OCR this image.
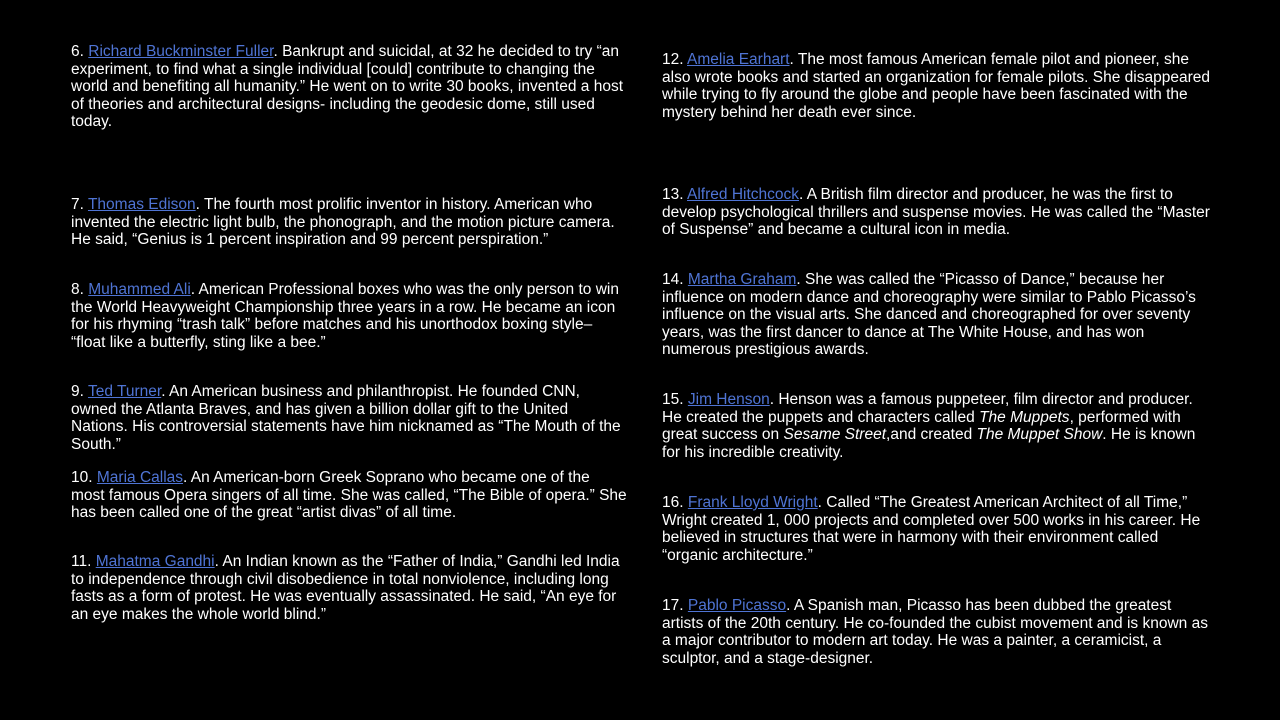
6. Richard Buckminster Fuller. Bankrupt and suicidal, at 32 he decided to try “an experiment, to find what a single individual [could] contribute to changing the world and benefiting all humanity.” He went on to write 30 books, invented a host of theories and architectural designs- including the geodesic dome, still used today.

7. Thomas Edison. The fourth most prolific inventor in history. American who invented the electric light bulb, the phonograph, and the motion picture camera. He said, “Genius is 1 percent inspiration and 99 percent perspiration.”

8. Muhammed Ali. American Professional boxes who was the only person to win the World Heavyweight Championship three years in a row. He became an icon for his rhyming “trash talk” before matches and his unorthodox boxing style– “float like a butterfly, sting like a bee.”

9. Ted Turner. An American business and philanthropist. He founded CNN, owned the Atlanta Braves, and has given a billion dollar gift to the United Nations. His controversial statements have him nicknamed as “The Mouth of the South.”

10. Maria Callas. An American-born Greek Soprano who became one of the most famous Opera singers of all time. She was called, “The Bible of opera.” She has been called one of the great “artist divas” of all time.

11. Mahatma Gandhi. An Indian known as the “Father of India,” Gandhi led India to independence through civil disobedience in total nonviolence, including long fasts as a form of protest. He was eventually assassinated. He said, “An eye for an eye makes the whole world blind.”

12. Amelia Earhart. The most famous American female pilot and pioneer, she also wrote books and started an organization for female pilots. She disappeared while trying to fly around the globe and people have been fascinated with the mystery behind her death ever since.

13. Alfred Hitchcock. A British film director and producer, he was the first to develop psychological thrillers and suspense movies. He was called the “Master of Suspense” and became a cultural icon in media.

14. Martha Graham. She was called the “Picasso of Dance,” because her influence on modern dance and choreography were similar to Pablo Picasso’s influence on the visual arts. She danced and choreographed for over seventy years, was the first dancer to dance at The White House, and has won numerous prestigious awards.

15. Jim Henson. Henson was a famous puppeteer, film director and producer. He created the puppets and characters called The Muppets, performed with great success on Sesame Street,and created The Muppet Show. He is known for his incredible creativity.

16. Frank Lloyd Wright. Called “The Greatest American Architect of all Time,” Wright created 1, 000 projects and completed over 500 works in his career. He believed in structures that were in harmony with their environment called “organic architecture.”

17. Pablo Picasso. A Spanish man, Picasso has been dubbed the greatest artists of the 20th century. He co-founded the cubist movement and is known as a major contributor to modern art today. He was a painter, a ceramicist, a sculptor, and a stage-designer.
